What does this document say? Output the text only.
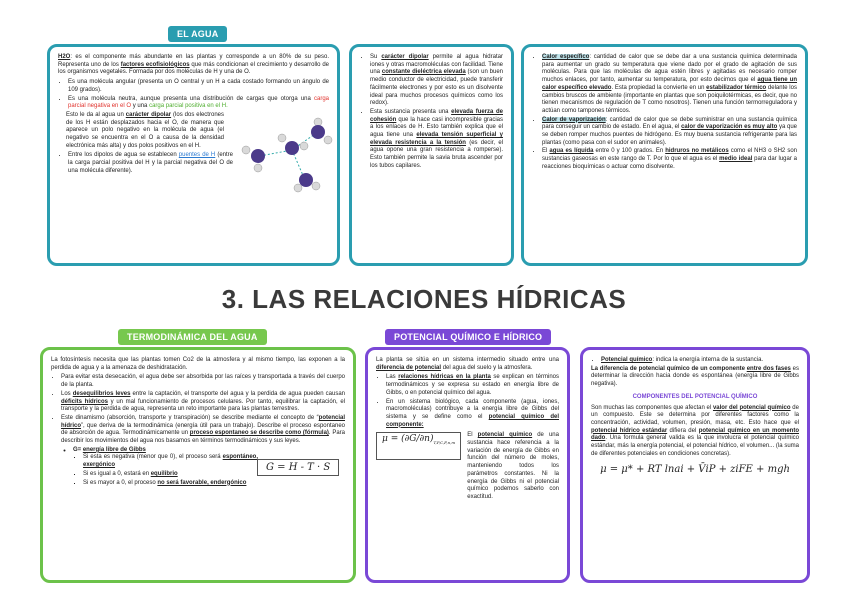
EL AGUA

H2O: es el componente más abundante en las plantas y corresponde a un 80% de su peso. Representa uno de los factores ecofisiológicos que más condicionan el crecimiento y desarrollo de los organismos vegetales. Formada por dos moléculas de H y una de O.

• Es una molécula angular (presenta un O central y un H a cada costado formando un ángulo de 109 grados).
• Es una molécula neutra, aunque presenta una distribución de cargas que otorga una carga parcial negativa en el O y una carga parcial positiva en el H.

Esto le da al agua un carácter dipolar (los dos electrones de los H están desplazados hacia el O, de manera que aparece un polo negativo en la molécula de agua (el negativo se encuentra en el O a causa de la densidad electrónica más alta) y dos polos positivos en el H.

• Entre los dipolos de agua se establecen puentes de H (entre la carga parcial positiva del H y la parcial negativa del O de una molécula diferente).
• Su carácter dipolar permite al agua hidratar iones y otras macromoléculas con facilidad. Tiene una constante dieléctrica elevada (son un buen medio conductor de electricidad, puede transferir fácilmente electrones y por esto es un disolvente ideal para muchos procesos químicos como los redox).
• Esta sustancia presenta una elevada fuerza de cohesión que la hace casi incompresible gracias a los enlaces de H. Esto también explica que el agua tiene una elevada tensión superficial y elevada resistencia a la tensión (es decir, el agua opone una gran resistencia a romperse). Esto también permite la savia bruta ascender por los tubos capilares.
• Calor específico: cantidad de calor que se debe dar a una sustancia química determinada para aumentar un grado su temperatura que viene dado por el grado de agitación de sus moléculas. Para que las moléculas de agua estén libres y agitadas es necesario romper muchos enlaces, por tanto, aumentar su temperatura, por esto decimos que el agua tiene un calor específico elevado. Esta propiedad la convierte en un estabilizador térmico delante los cambios bruscos de ambiente (importante en plantas que son poiquilotérmicas, es decir, que no tienen mecanismos de regulación de T como nosotros). Tienen una función termorreguladora y actúan como tampones térmicos.
• Calor de vaporización: cantidad de calor que se debe suministrar en una sustancia química para conseguir un cambio de estado. En el agua, el calor de vaporización es muy alto ya que se deben romper muchos puentes de hidrógeno. Es muy buena sustancia refrigerante para las plantas (como pasa con el sudor en animales).
• El agua es líquida entre 0 y 100 grados. En hidruros no metálicos como el NH3 o SH2 son sustancias gaseosas en este rango de T. Por lo que el agua es el medio ideal para dar lugar a reacciones bioquímicas o actuar como disolvente.
3. LAS RELACIONES HÍDRICAS
TERMODINÁMICA DEL AGUA	POTENCIAL QUÍMICO E HÍDRICO

La fotosíntesis necesita que las plantas tomen Co2 de la atmosfera y al mismo tiempo, las exponen a la perdida de agua y a la amenaza de deshidratación.

• Para evitar esta desecación, el agua debe ser absorbida por las raíces y transportada a través del cuerpo de la planta.
• Los desequilibrios leves entre la captación, el transporte del agua y la perdida de agua pueden causan déficits hídricos y un mal funcionamiento de procesos celulares. Por tanto, equilibrar la captación, el transporte y la perdida de agua, representa un reto importante para las plantas terrestres.
• Este dinamismo (absorción, transporte y transpiración) se describe mediante el concepto de “potencial hídrico”, que deriva de la termodinámica (energía útil para un trabajo). Describe el proceso espontaneo de absorción de agua. Termodinámicamente un proceso espontaneo se describe como (fórmula). Para describir los movimientos del agua nos basamos en términos termodinámicos y sus leyes.
◦ G= energía libre de Gibbs
▪ Si esta es negativa (menor que 0), el proceso será espontáneo, exergónico
▪ Si es igual a 0, estará en equilibrio
▪ Si es mayor a 0, el proceso no será favorable, endergónico
G = H - T · S

La planta se sitúa en un sistema intermedio situado entre una diferencia de potencial del agua del suelo y la atmosfera.

• Las relaciones hídricas en la planta se explican en términos termodinámicos y se expresa su estado en energía libre de Gibbs, o en potencial químico del agua.
• En un sistema biológico, cada componente (agua, iones, macromoléculas) contribuye a la energía libre de Gibbs del sistema y se define como el potencial químico del componente:
$\mu = (\partial G/\partial n)_{T,P,C,F,n,m}$

El potencial químico de una sustancia hace referencia a la variación de energía de Gibbs en función del número de moles, manteniendo todos los parámetros constantes. Ni la energía de Gibbs ni el potencial químico podemos saberlo con exactitud.

• Potencial químico: indica la energía interna de la sustancia.

La diferencia de potencial químico de un componente entre dos fases es determinar la dirección hacia donde es espontánea (energía libre de Gibbs negativa).

COMPONENTES DEL POTENCIAL QUÍMICO

Son muchas las componentes que afectan el valor del potencial químico de un compuesto. Este se determina por diferentes factores como la concentración, actividad, volumen, presión, masa, etc. Esto hace que el potencial hídrico estándar difiera del potencial químico en un momento dado. Una formula general valida es la que involucra el potencial químico estándar, más la energía potencial, el potencial hídrico, el volumen... (la suma de diferentes potenciales en condiciones concretas).

μ = μ* + RT lnai + V̄iP + ziFE + mgh
